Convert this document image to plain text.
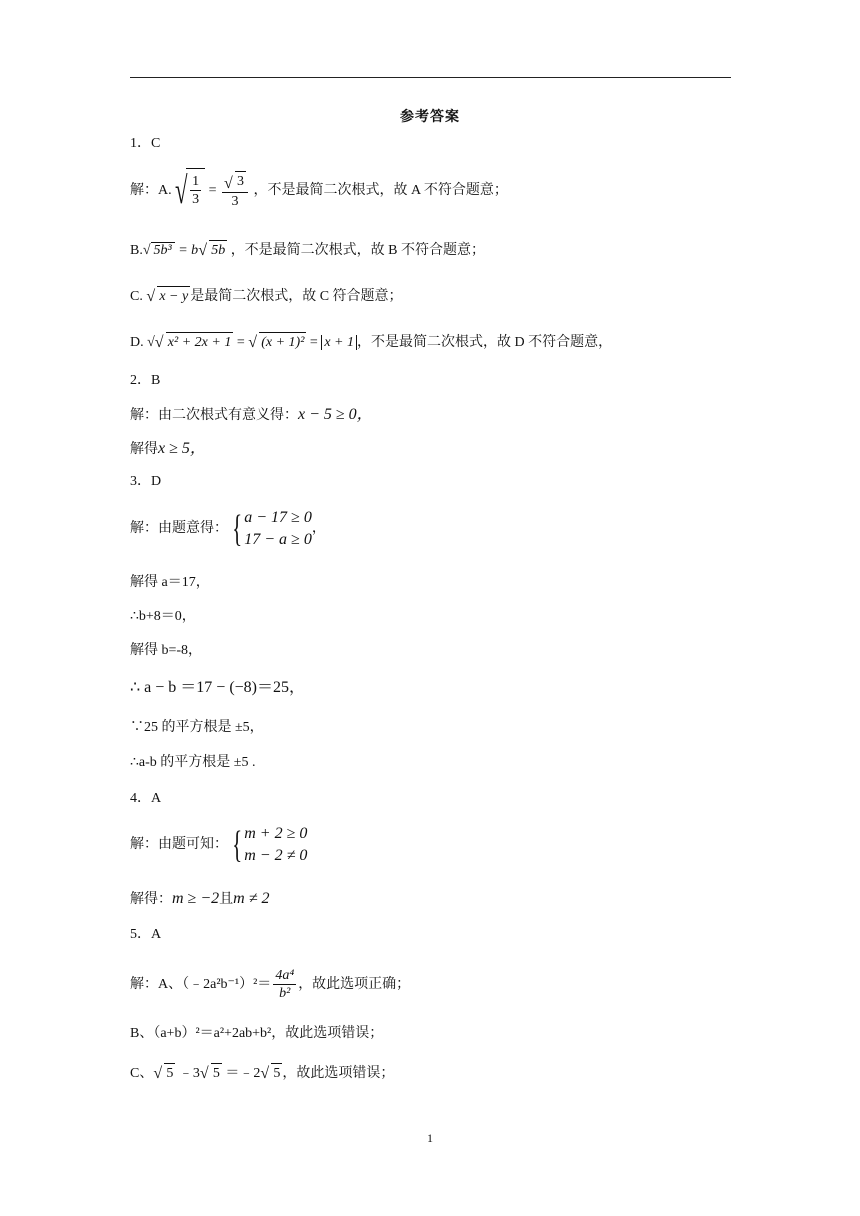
参考答案
1．C
解：A. √ $\frac{1}{3}$ = √ $\frac{3}{3}$ ，不是最简二次根式，故 A 不符合题意；
B.√ 5b³ = b √ 5b ，不是最简二次根式，故 B 不符合题意；
C. √ x − y 是最简二次根式，故 C 符合题意；
D. √ √ x² + 2x + 1 = √ (x + 1)² = x + 1 ，不是最简二次根式，故 D 不符合题意，
2．B
解：由二次根式有意义得：x − 5 ≥ 0，
解得x ≥ 5，
3．D
解：由题意得： { a − 17 ≥ 0
17 − a ≥ 0
，
解得 a＝17，
∴b+8＝0，
解得 b=-8，
∴ a − b ＝17 − (−8)＝25，
∵25 的平方根是 ±5，
∴a-b 的平方根是 ±5 .
4．A
解：由题可知： { m + 2 ≥ 0
m − 2 ≠ 0
解得：m ≥ −2且m ≠ 2
5．A
解：A、（﹣2a²b⁻¹）²＝ $\frac{\text{4a⁴}}{\text{b²}}$ ，故此选项正确；
B、（a+b）²＝a²+2ab+b²，故此选项错误；
C、 √ 5 ﹣3 √ 5 ＝﹣2 √ 5 ，故此选项错误；
1
